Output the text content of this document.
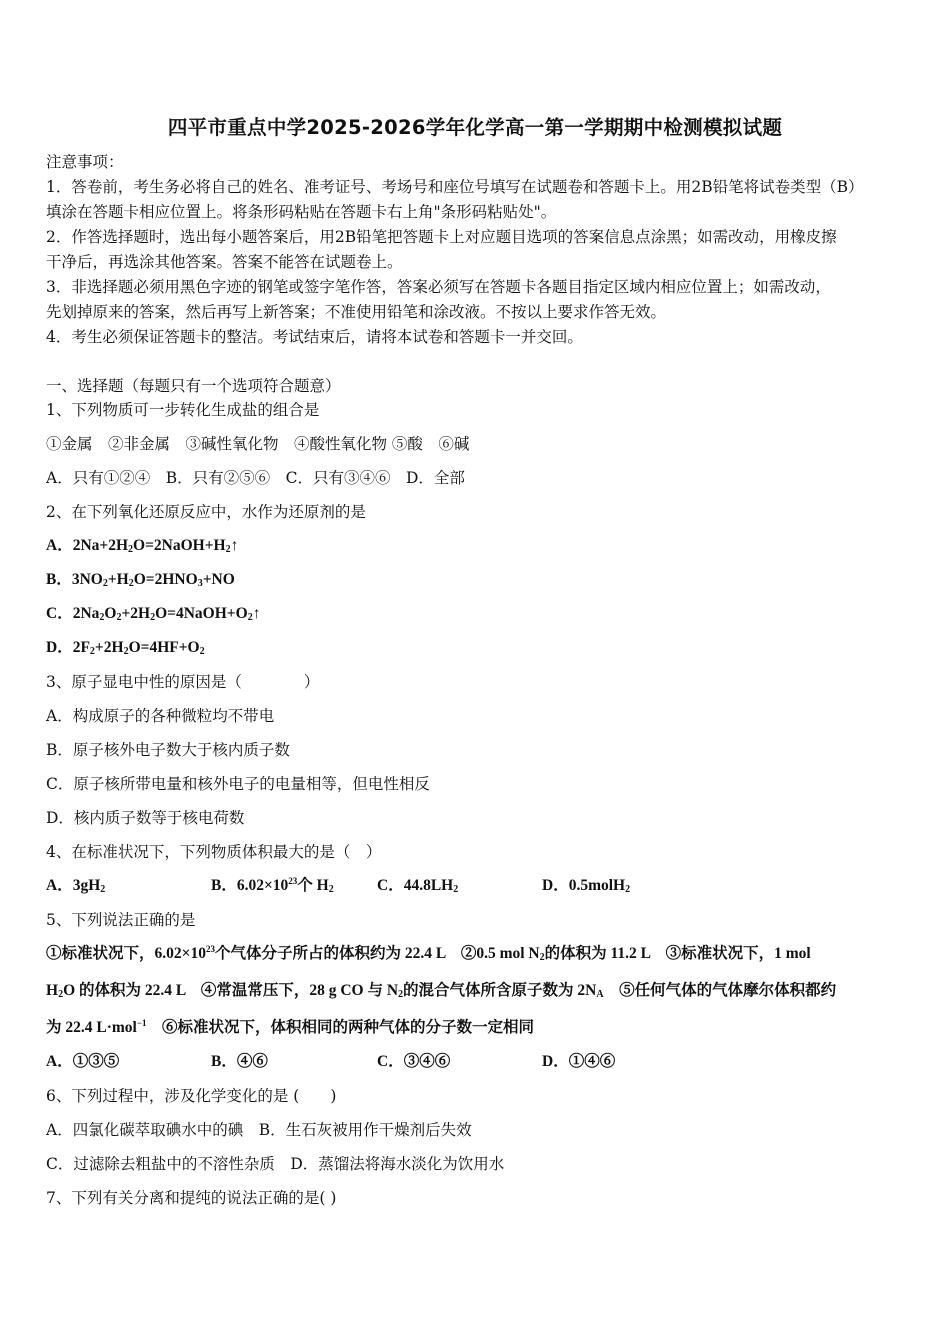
四平市重点中学2025-2026学年化学高一第一学期期中检测模拟试题
注意事项：
1．答卷前，考生务必将自己的姓名、准考证号、考场号和座位号填写在试题卷和答题卡上。用2B铅笔将试卷类型（B）
填涂在答题卡相应位置上。将条形码粘贴在答题卡右上角"条形码粘贴处"。
2．作答选择题时，选出每小题答案后，用2B铅笔把答题卡上对应题目选项的答案信息点涂黑；如需改动，用橡皮擦
干净后，再选涂其他答案。答案不能答在试题卷上。
3．非选择题必须用黑色字迹的钢笔或签字笔作答，答案必须写在答题卡各题目指定区域内相应位置上；如需改动，
先划掉原来的答案，然后再写上新答案；不准使用铅笔和涂改液。不按以上要求作答无效。
4．考生必须保证答题卡的整洁。考试结束后，请将本试卷和答题卡一并交回。
一、选择题（每题只有一个选项符合题意）
1、下列物质可一步转化生成盐的组合是
①金属　②非金属　③碱性氧化物　④酸性氧化物 ⑤酸　⑥碱
A．只有①②④　B．只有②⑤⑥　C．只有③④⑥　D．全部
2、在下列氧化还原反应中，水作为还原剂的是
A．$2Na+2H_2O=2NaOH+H_2↑$
B．$3NO_2+H_2O=2HNO_3+NO$
C．$2Na_2O_2+2H_2O=4NaOH+O_2↑$
D．$2F_2+2H_2O=4HF+O_2$
3、原子显电中性的原因是（　　　　）
A．构成原子的各种微粒均不带电
B．原子核外电子数大于核内质子数
C．原子核所带电量和核外电子的电量相等，但电性相反
D．核内质子数等于核电荷数
4、在标准状况下，下列物质体积最大的是（　）
A．$3gH_2$	B．$6.02\times 10^{23}$个 $H_2$	C．$44.8LH_2$	D．0.5molH$_2$
5、下列说法正确的是
①标准状况下，$6.02\times 10^{23}$个气体分子所占的体积约为 22.4 L　②0.5 mol $N_2$的体积为 11.2 L　③标准状况下，1 mol
$H_2O$ 的体积为 22.4 L　④常温常压下，28 g CO 与 $N_2$的混合气体所含原子数为 $2N_A$　⑤任何气体的气体摩尔体积都约
为 22.4 L·mol$^{-1}$　⑥标准状况下，体积相同的两种气体的分子数一定相同
A．①③⑤	B．④⑥	C．③④⑥	D．①④⑥
6、下列过程中，涉及化学变化的是 (　　)
A．四氯化碳萃取碘水中的碘　B．生石灰被用作干燥剂后失效
C．过滤除去粗盐中的不溶性杂质　D．蒸馏法将海水淡化为饮用水
7、下列有关分离和提纯的说法正确的是( )
